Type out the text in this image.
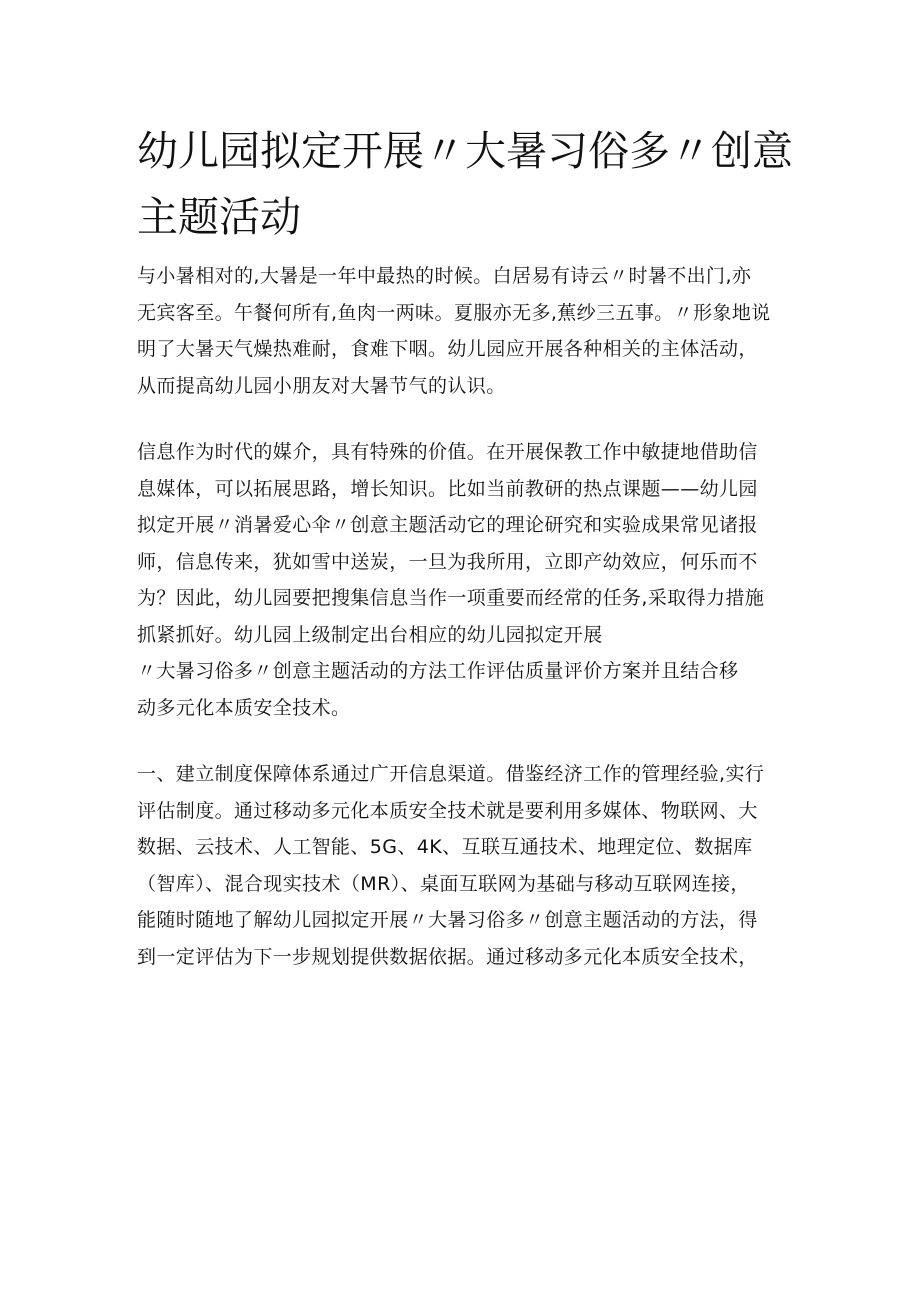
幼儿园拟定开展〃大暑习俗多〃创意
主题活动

与小暑相对的,大暑是一年中最热的时候。白居易有诗云〃时暑不出门,亦
无宾客至。午餐何所有,鱼肉一两味。夏服亦无多,蕉纱三五事。〃形象地说
明了大暑天气燥热难耐，食难下咽。幼儿园应开展各种相关的主体活动，
从而提高幼儿园小朋友对大暑节气的认识。

信息作为时代的媒介，具有特殊的价值。在开展保教工作中敏捷地借助信
息媒体，可以拓展思路，增长知识。比如当前教研的热点课题——幼儿园
拟定开展〃消暑爱心伞〃创意主题活动它的理论研究和实验成果常见诸报
师，信息传来，犹如雪中送炭，一旦为我所用，立即产幼效应，何乐而不
为？因此，幼儿园要把搜集信息当作一项重要而经常的任务,采取得力措施
抓紧抓好。幼儿园上级制定出台相应的幼儿园拟定开展
〃大暑习俗多〃创意主题活动的方法工作评估质量评价方案并且结合移
动多元化本质安全技术。

一、建立制度保障体系通过广开信息渠道。借鉴经济工作的管理经验,实行
评估制度。通过移动多元化本质安全技术就是要利用多媒体、物联网、大
数据、云技术、人工智能、5G、4K、互联互通技术、地理定位、数据库
（智库）、混合现实技术（MR）、桌面互联网为基础与移动互联网连接，
能随时随地了解幼儿园拟定开展〃大暑习俗多〃创意主题活动的方法，得
到一定评估为下一步规划提供数据依据。通过移动多元化本质安全技术，
